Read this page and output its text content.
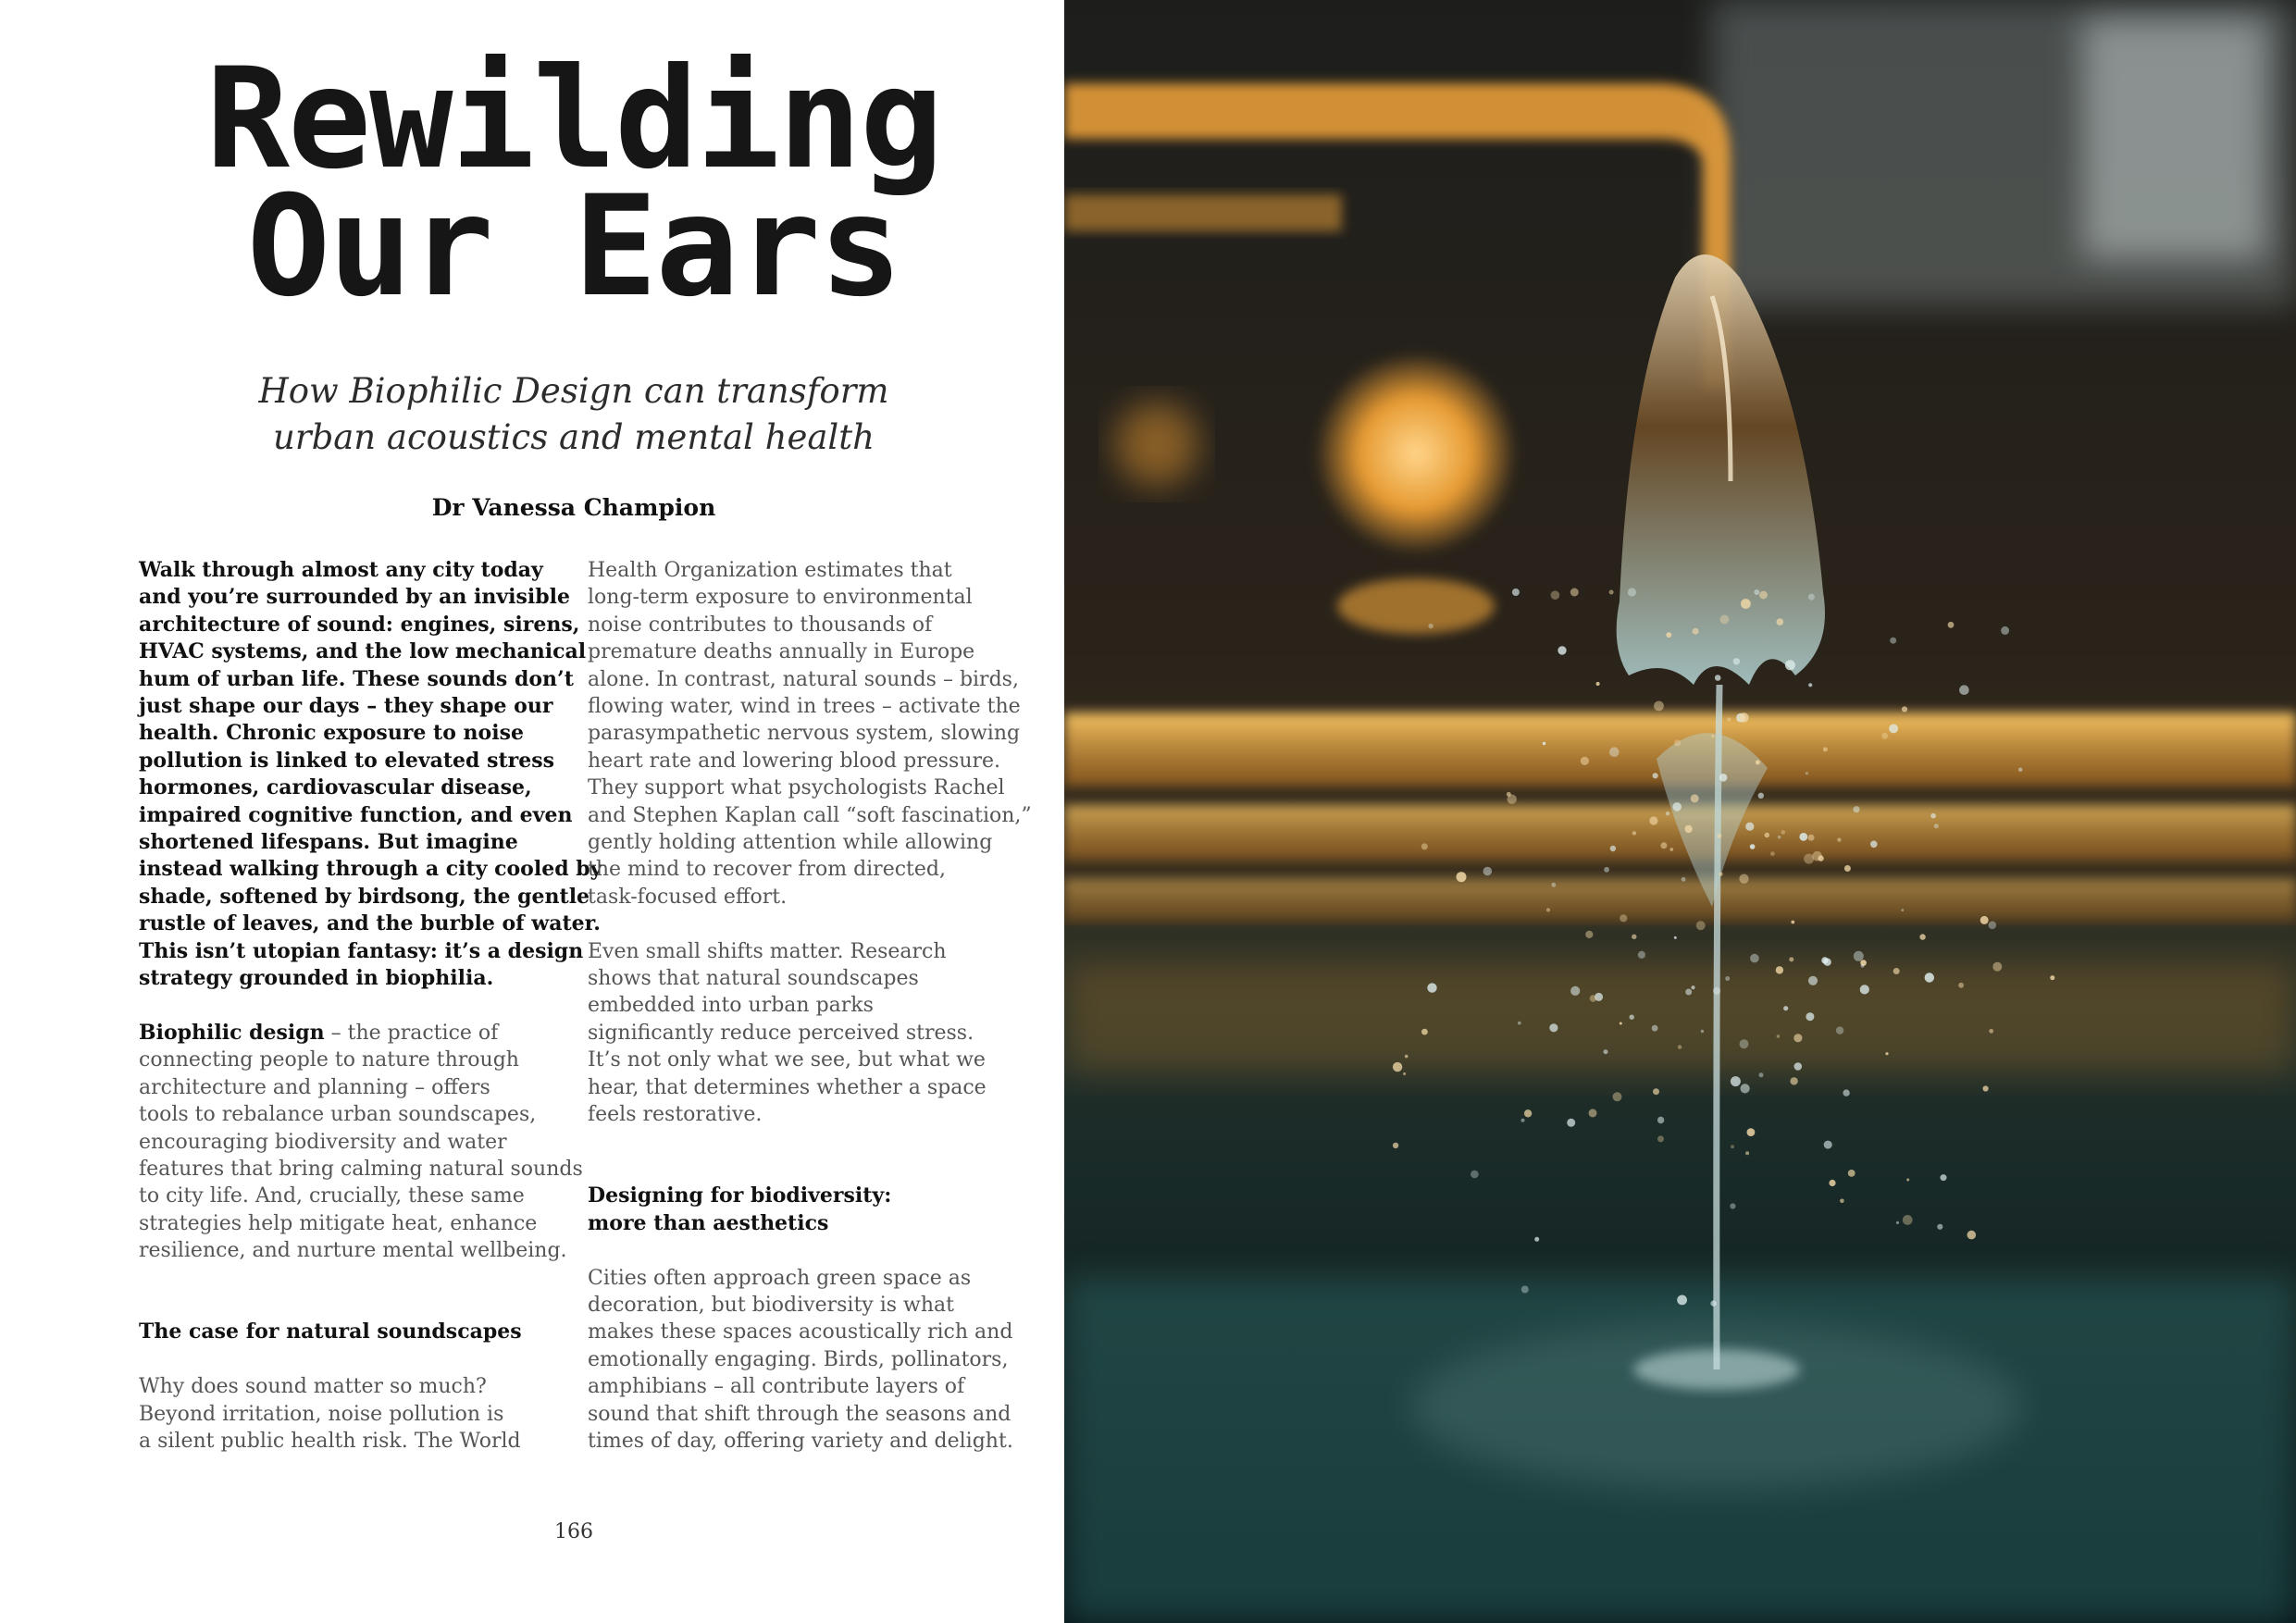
Rewilding
Our Ears
How Biophilic Design can transform
urban acoustics and mental health
Dr Vanessa Champion
Walk through almost any city today
and you’re surrounded by an invisible
architecture of sound: engines, sirens,
HVAC systems, and the low mechanical
hum of urban life. These sounds don’t
just shape our days – they shape our
health. Chronic exposure to noise
pollution is linked to elevated stress
hormones, cardiovascular disease,
impaired cognitive function, and even
shortened lifespans. But imagine
instead walking through a city cooled by
shade, softened by birdsong, the gentle
rustle of leaves, and the burble of water.
This isn’t utopian fantasy: it’s a design
strategy grounded in biophilia.
Biophilic design – the practice of
connecting people to nature through
architecture and planning – offers
tools to rebalance urban soundscapes,
encouraging biodiversity and water
features that bring calming natural sounds
to city life. And, crucially, these same
strategies help mitigate heat, enhance
resilience, and nurture mental wellbeing.
The case for natural soundscapes
Why does sound matter so much?
Beyond irritation, noise pollution is
a silent public health risk. The World
Health Organization estimates that
long-term exposure to environmental
noise contributes to thousands of
premature deaths annually in Europe
alone. In contrast, natural sounds – birds,
flowing water, wind in trees – activate the
parasympathetic nervous system, slowing
heart rate and lowering blood pressure.
They support what psychologists Rachel
and Stephen Kaplan call “soft fascination,”
gently holding attention while allowing
the mind to recover from directed,
task-focused effort.
Even small shifts matter. Research
shows that natural soundscapes
embedded into urban parks
significantly reduce perceived stress.
It’s not only what we see, but what we
hear, that determines whether a space
feels restorative.
Designing for biodiversity:
more than aesthetics
Cities often approach green space as
decoration, but biodiversity is what
makes these spaces acoustically rich and
emotionally engaging. Birds, pollinators,
amphibians – all contribute layers of
sound that shift through the seasons and
times of day, offering variety and delight.
166
